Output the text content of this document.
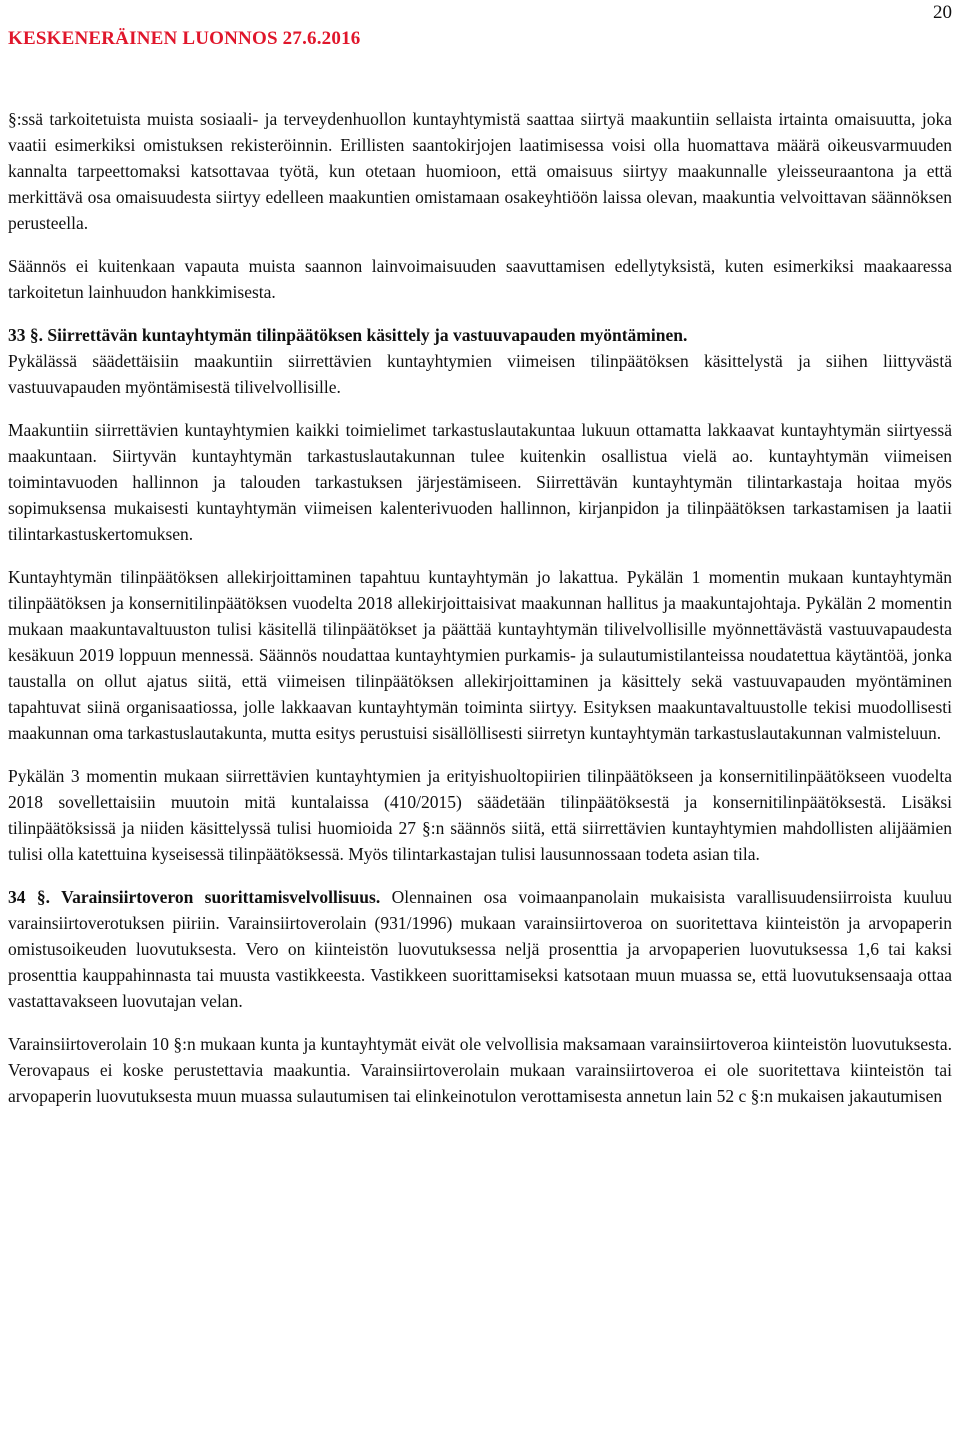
KESKENERÄINEN LUONNOS 27.6.2016
20

§:ssä tarkoitetuista muista sosiaali- ja terveydenhuollon kuntayhtymistä saattaa siirtyä maakuntiin sellaista irtainta omaisuutta, joka vaatii esimerkiksi omistuksen rekisteröinnin. Erillisten saantokirjojen laatimisessa voisi olla huomattava määrä oikeusvarmuuden kannalta tarpeettomaksi katsottavaa työtä, kun otetaan huomioon, että omaisuus siirtyy maakunnalle yleisseuraantona ja että merkittävä osa omaisuudesta siirtyy edelleen maakuntien omistamaan osakeyhtiöön laissa olevan, maakuntia velvoittavan säännöksen perusteella.

Säännös ei kuitenkaan vapauta muista saannon lainvoimaisuuden saavuttamisen edellytyksistä, kuten esimerkiksi maakaaressa tarkoitetun lainhuudon hankkimisesta.

33 §. Siirrettävän kuntayhtymän tilinpäätöksen käsittely ja vastuuvapauden myöntäminen.

Pykälässä säädettäisiin maakuntiin siirrettävien kuntayhtymien viimeisen tilinpäätöksen käsittelystä ja siihen liittyvästä vastuuvapauden myöntämisestä tilivelvollisille.

Maakuntiin siirrettävien kuntayhtymien kaikki toimielimet tarkastuslautakuntaa lukuun ottamatta lakkaavat kuntayhtymän siirtyessä maakuntaan. Siirtyvän kuntayhtymän tarkastuslautakunnan tulee kuitenkin osallistua vielä ao. kuntayhtymän viimeisen toimintavuoden hallinnon ja talouden tarkastuksen järjestämiseen. Siirrettävän kuntayhtymän tilintarkastaja hoitaa myös sopimuksensa mukaisesti kuntayhtymän viimeisen kalenterivuoden hallinnon, kirjanpidon ja tilinpäätöksen tarkastamisen ja laatii tilintarkastuskertomuksen.

Kuntayhtymän tilinpäätöksen allekirjoittaminen tapahtuu kuntayhtymän jo lakattua. Pykälän 1 momentin mukaan kuntayhtymän tilinpäätöksen ja konsernitilinpäätöksen vuodelta 2018 allekirjoittaisivat maakunnan hallitus ja maakuntajohtaja. Pykälän 2 momentin mukaan maakuntavaltuuston tulisi käsitellä tilinpäätökset ja päättää kuntayhtymän tilivelvollisille myönnettävästä vastuuvapaudesta kesäkuun 2019 loppuun mennessä. Säännös noudattaa kuntayhtymien purkamis- ja sulautumistilanteissa noudatettua käytäntöä, jonka taustalla on ollut ajatus siitä, että viimeisen tilinpäätöksen allekirjoittaminen ja käsittely sekä vastuuvapauden myöntäminen tapahtuvat siinä organisaatiossa, jolle lakkaavan kuntayhtymän toiminta siirtyy. Esityksen maakuntavaltuustolle tekisi muodollisesti maakunnan oma tarkastuslautakunta, mutta esitys perustuisi sisällöllisesti siirretyn kuntayhtymän tarkastuslautakunnan valmisteluun.

Pykälän 3 momentin mukaan siirrettävien kuntayhtymien ja erityishuoltopiirien tilinpäätökseen ja konsernitilinpäätökseen vuodelta 2018 sovellettaisiin muutoin mitä kuntalaissa (410/2015) säädetään tilinpäätöksestä ja konsernitilinpäätöksestä. Lisäksi tilinpäätöksissä ja niiden käsittelyssä tulisi huomioida 27 §:n säännös siitä, että siirrettävien kuntayhtymien mahdollisten alijäämien tulisi olla katettuina kyseisessä tilinpäätöksessä. Myös tilintarkastajan tulisi lausunnossaan todeta asian tila.

34 §. Varainsiirtoveron suorittamisvelvollisuus. Olennainen osa voimaanpanolain mukaisista varallisuudensiirroista kuuluu varainsiirtoverotuksen piiriin. Varainsiirtoverolain (931/1996) mukaan varainsiirtoveroa on suoritettava kiinteistön ja arvopaperin omistusoikeuden luovutuksesta. Vero on kiinteistön luovutuksessa neljä prosenttia ja arvopaperien luovutuksessa 1,6 tai kaksi prosenttia kauppahinnasta tai muusta vastikkeesta. Vastikkeen suorittamiseksi katsotaan muun muassa se, että luovutuksensaaja ottaa vastattavakseen luovutajan velan.

Varainsiirtoverolain 10 §:n mukaan kunta ja kuntayhtymät eivät ole velvollisia maksamaan varainsiirtoveroa kiinteistön luovutuksesta. Verovapaus ei koske perustettavia maakuntia. Varainsiirtoverolain mukaan varainsiirtoveroa ei ole suoritettava kiinteistön tai arvopaperin luovutuksesta muun muassa sulautumisen tai elinkeinotulon verottamisesta annetun lain 52 c §:n mukaisen jakautumisen
